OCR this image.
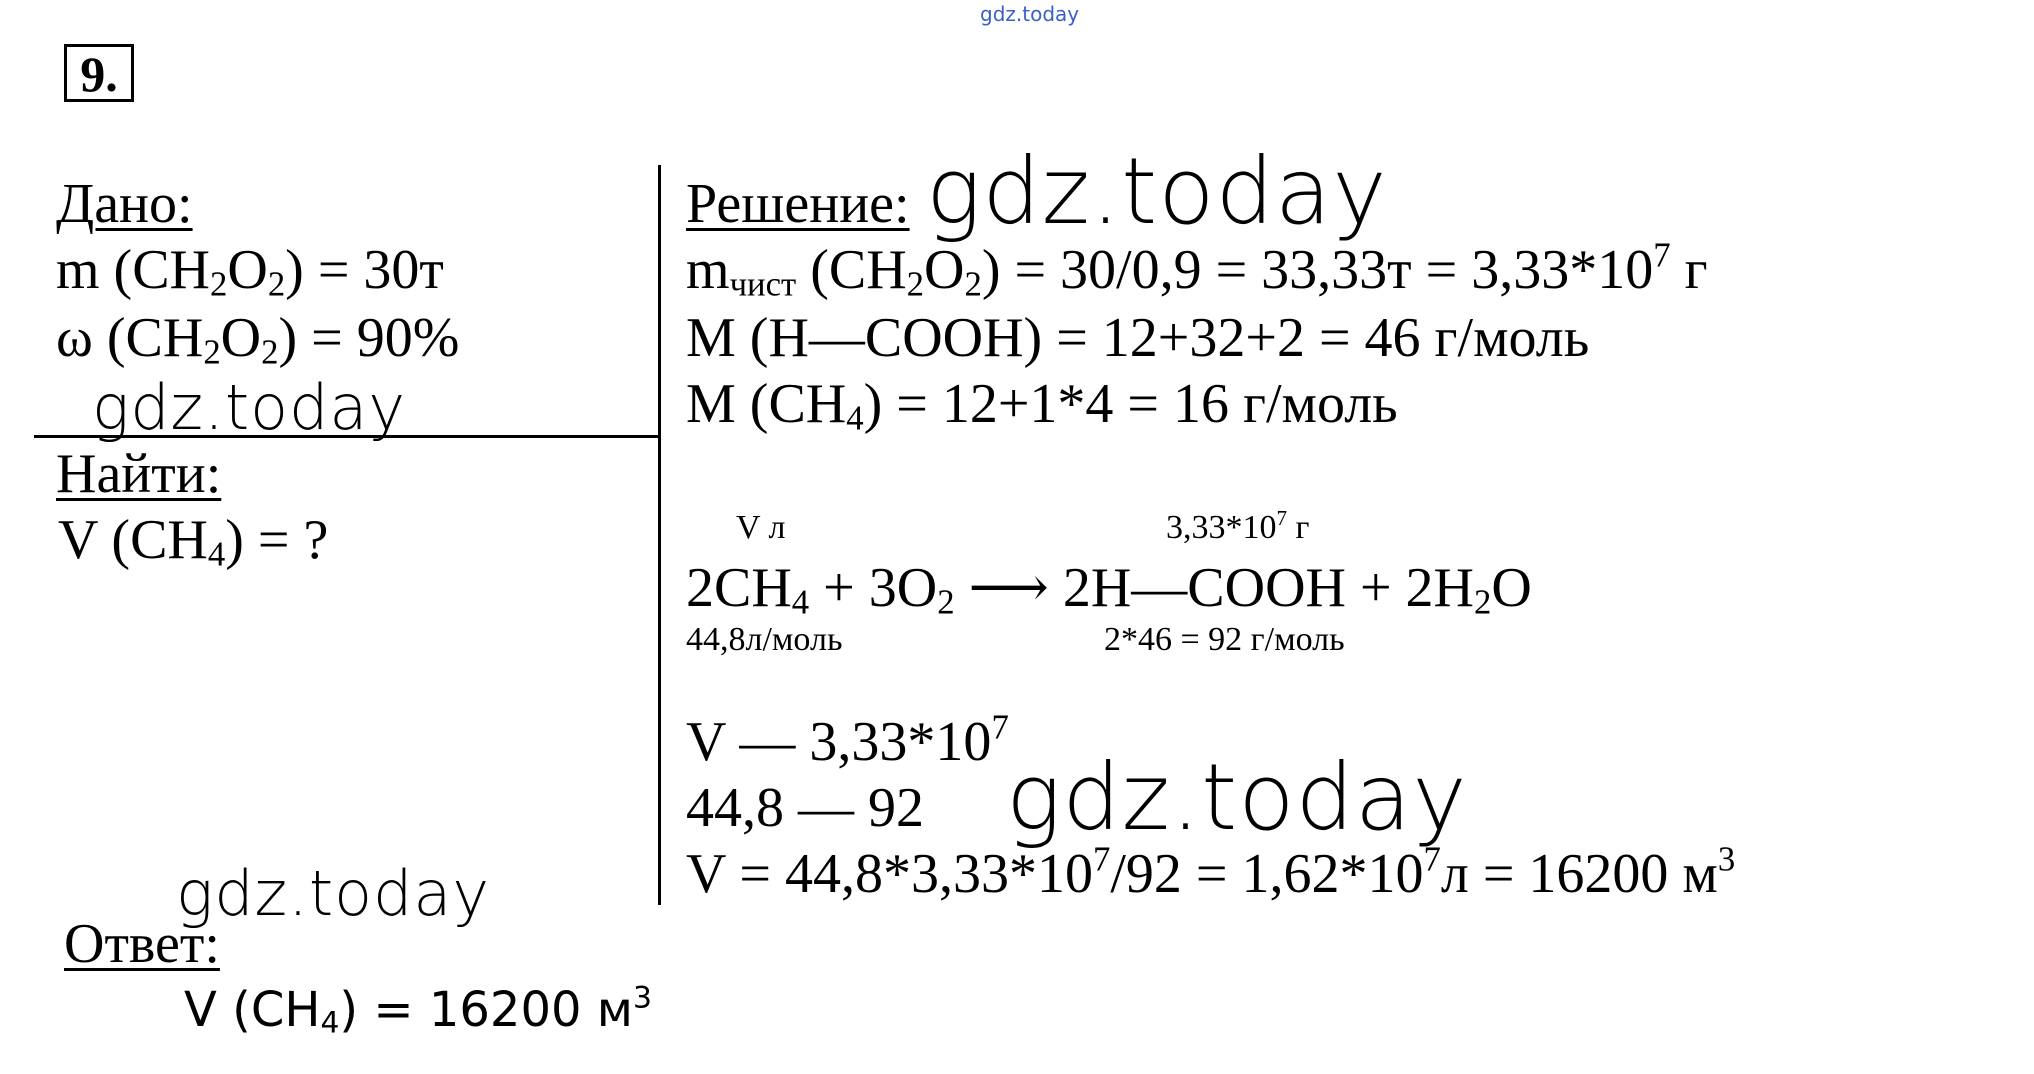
gdz.today
9.
Дано:
m $(CH_2O_2) = 30т$
ω $(CH_2O_2) = 90\%$
gdz.today
Найти:
V $(CH_4)$ = ?
gdz.today
Ответ:
V $(CH_4) = 16200$ $м^3$
Решение: gdz.today
$m_{чист}$ $(CH_2O_2) = 30/0,9 = 33,33т = 3,33*10^7$ г
M (H—COOH) = 12+32+2 = 46 г/моль
M $(CH_4) = 12+1*4 = 16$ г/моль
V л	$3,33*10^7$ г
$2CH_4 + 3O_2$ ⟶ 2H—COOH + $2H_2O$
44,8л/моль	2*46 = 92 г/моль
V — $3,33*10^7$
44,8 — 92 gdz.today
$V = 44,8*3,33*10^7/92 = 1,62*10^7л = 16200$ $м^3$
